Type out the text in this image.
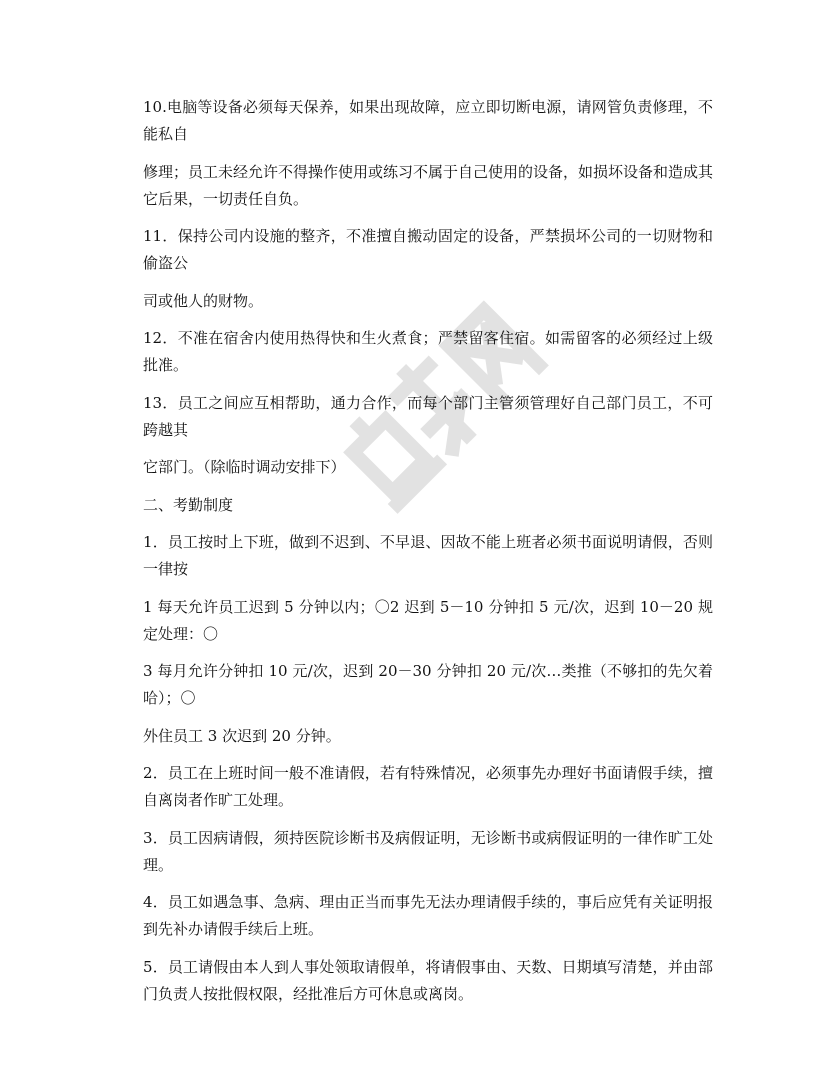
10.电脑等设备必须每天保养，如果出现故障，应立即切断电源，请网管负责修理，不能私自

修理；员工未经允许不得操作使用或练习不属于自己使用的设备，如损坏设备和造成其它后果，一切责任自负。

11．保持公司内设施的整齐，不准擅自搬动固定的设备，严禁损坏公司的一切财物和偷盗公

司或他人的财物。

12．不准在宿舍内使用热得快和生火煮食；严禁留客住宿。如需留客的必须经过上级批准。

13．员工之间应互相帮助，通力合作，而每个部门主管须管理好自己部门员工，不可跨越其

它部门。（除临时调动安排下）

二、考勤制度

1．员工按时上下班，做到不迟到、不早退、因故不能上班者必须书面说明请假，否则一律按

1 每天允许员工迟到 5 分钟以内；〇2 迟到 5－10 分钟扣 5 元/次，迟到 10－20 规定处理：〇

3 每月允许分钟扣 10 元/次，迟到 20－30 分钟扣 20 元/次…类推（不够扣的先欠着哈）；〇

外住员工 3 次迟到 20 分钟。

2．员工在上班时间一般不准请假，若有特殊情况，必须事先办理好书面请假手续，擅自离岗者作旷工处理。

3．员工因病请假，须持医院诊断书及病假证明，无诊断书或病假证明的一律作旷工处理。

4．员工如遇急事、急病、理由正当而事先无法办理请假手续的，事后应凭有关证明报到先补办请假手续后上班。

5．员工请假由本人到人事处领取请假单，将请假事由、天数、日期填写清楚，并由部门负责人按批假权限，经批准后方可休息或离岗。
